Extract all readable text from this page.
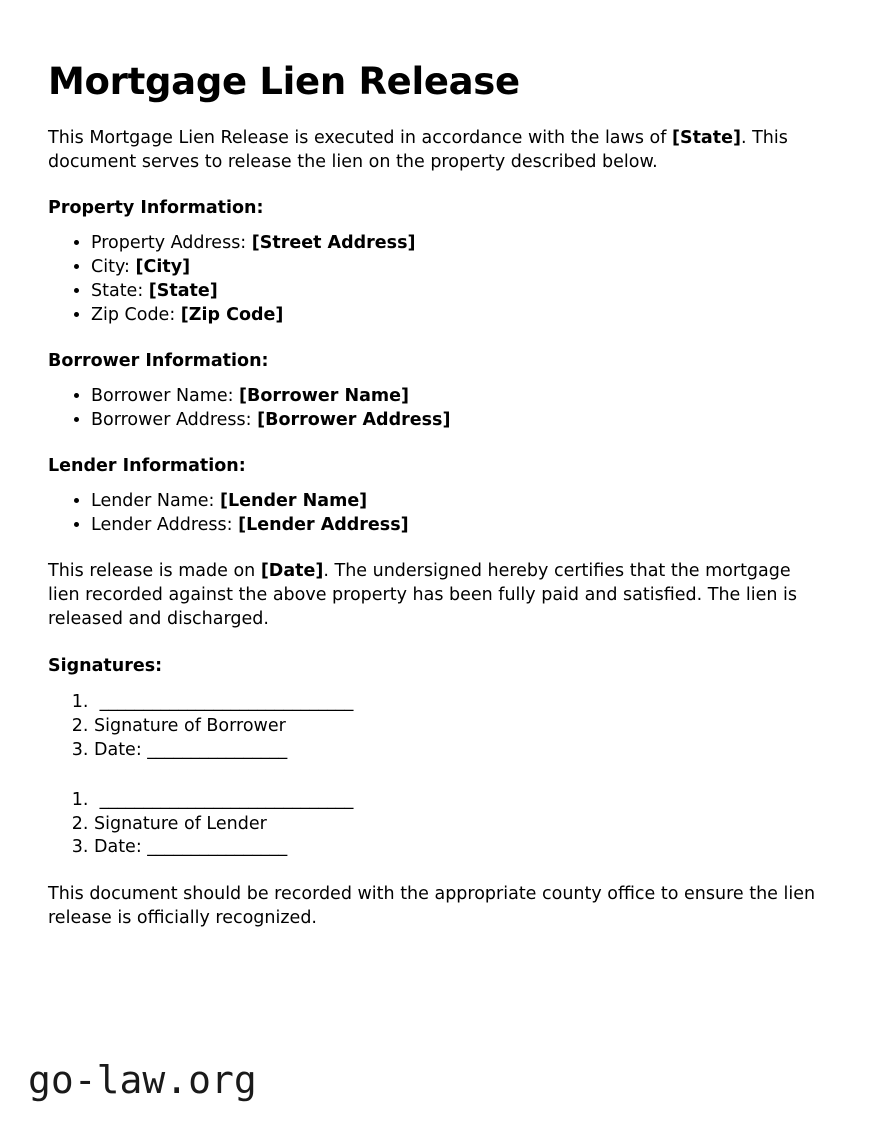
Mortgage Lien Release

This Mortgage Lien Release is executed in accordance with the laws of [State]. This document serves to release the lien on the property described below.

Property Information:
• Property Address: [Street Address]
• City: [City]
• State: [State]
• Zip Code: [Zip Code]
Borrower Information:
• Borrower Name: [Borrower Name]
• Borrower Address: [Borrower Address]
Lender Information:
• Lender Name: [Lender Name]
• Lender Address: [Lender Address]

This release is made on [Date]. The undersigned hereby certifies that the mortgage lien recorded against the above property has been fully paid and satisfied. The lien is released and discharged.

Signatures:
1.  _____________________________
2. Signature of Borrower
3. Date: ________________
1.  _____________________________
2. Signature of Lender
3. Date: ________________

This document should be recorded with the appropriate county office to ensure the lien release is officially recognized.

go-law.org
